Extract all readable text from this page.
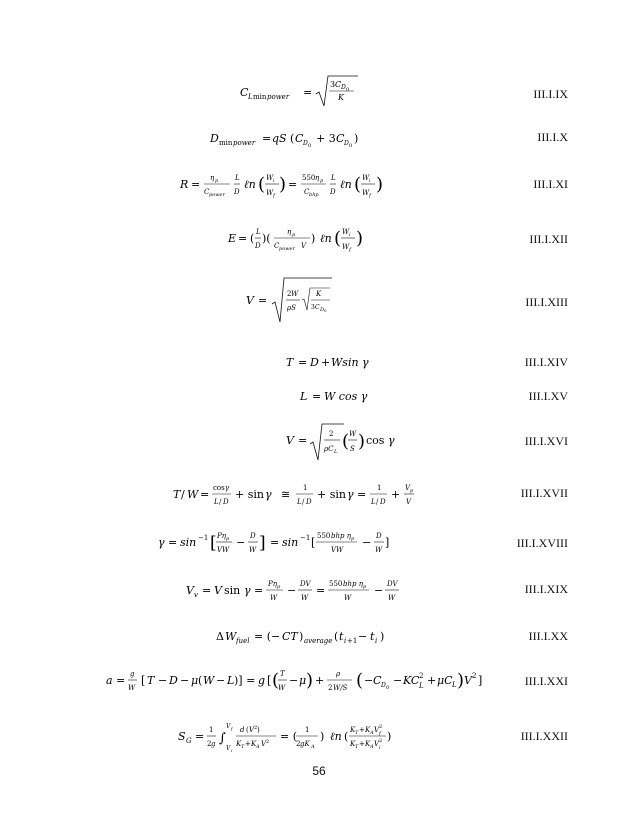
C L min power =
3 C D 0
K	III.I.IX
D min power = qS ( C D 0
+ 3 C D 0
)	III.I.X
R = η p
C power
L
D
ℓn ( W i
W f
) = 550 η p
C bhp
L
D
ℓn ( W i
W f
)	III.I.XI
E = ( L
D
)( η p
C power V
) ℓn ( W i
W f
)	III.I.XII
V =	2 W
ρS
K
3 C D 0
III.I.XIII
T = D + Wsin γ	III.I.XIV
L = W cos γ	III.I.XV
V =	2
ρC L ( W
S ) cos γ	III.I.XVI
T / W = cos γ
L / D
+ sin γ ≅ 1
L / D
+ sin γ = 1
L / D
+ V p
V
III.I.XVII
γ = sin −1 [ Pη p
VW
− D
W ] = sin −1 [ 550 bhp η p
VW
− D
W
]	III.I.XVIII
V v = V sin γ = Pη p
W
− DV
W
= 550 bhp η p
W
− DV
W
III.I.XIX
Δ W fuel = (− CT ) average ( t i +1 − t i )	III.I.XX
a = g
W
[ T − D − μ ( W − L )] = g [ ( T
W
− μ ) + ρ
2 W/S ( − C D 0
− KC 2
L + μC L ) V 2 ]	III.I.XXI
S G = 1
2 g ∫
V f
V i
d ( V 2 )
K T + K A V 2 = ( 1
2 gK A
) ℓn ( K T + K A V 2
f
K T + K A V 2
i
)	III.I.XXII
56
